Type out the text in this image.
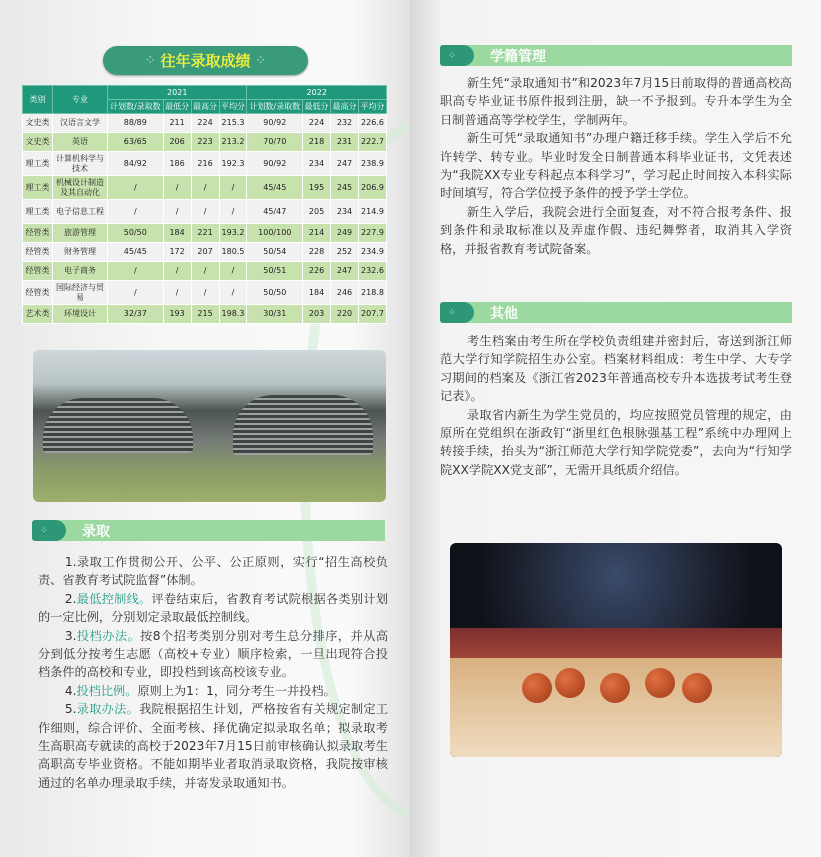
⁘ 往年录取成绩 ⁘
类别	专业	2021				2022			
		计划数/录取数	最低分	最高分	平均分	计划数/录取数	最低分	最高分	平均分
文史类	汉语言文学	88/89	211	224	215.3	90/92	224	232	226.6
文史类	英语	63/65	206	223	213.2	70/70	218	231	222.7
理工类	计算机科学与技术	84/92	186	216	192.3	90/92	234	247	238.9
理工类	机械设计制造及其自动化	/	/	/	/	45/45	195	245	206.9
理工类	电子信息工程	/	/	/	/	45/47	205	234	214.9
经管类	旅游管理	50/50	184	221	193.2	100/100	214	249	227.9
经管类	财务管理	45/45	172	207	180.5	50/54	228	252	234.9
经管类	电子商务	/	/	/	/	50/51	226	247	232.6
经管类	国际经济与贸易	/	/	/	/	50/50	184	246	218.8
艺术类	环境设计	32/37	193	215	198.3	30/31	203	220	207.7
⁘	录取

1.录取工作贯彻公开、公平、公正原则，实行“招生高校负责、省教育考试院监督”体制。

2.最低控制线。评卷结束后，省教育考试院根据各类别计划的一定比例，分别划定录取最低控制线。

3.投档办法。按8个招考类别分别对考生总分排序，并从高分到低分按考生志愿（高校+专业）顺序检索，一旦出现符合投档条件的高校和专业，即投档到该高校该专业。

4.投档比例。原则上为1：1，同分考生一并投档。

5.录取办法。我院根据招生计划，严格按省有关规定制定工作细则，综合评价、全面考核、择优确定拟录取名单；拟录取考生高职高专就读的高校于2023年7月15日前审核确认拟录取考生高职高专毕业资格。不能如期毕业者取消录取资格，我院按审核通过的名单办理录取手续，并寄发录取通知书。

⁘	学籍管理

新生凭“录取通知书”和2023年7月15日前取得的普通高校高职高专毕业证书原件报到注册，缺一不予报到。专升本学生为全日制普通高等学校学生，学制两年。

新生可凭“录取通知书”办理户籍迁移手续。学生入学后不允许转学、转专业。毕业时发全日制普通本科毕业证书，文凭表述为“我院XX专业专科起点本科学习”，学习起止时间按入本科实际时间填写，符合学位授予条件的授予学士学位。

新生入学后，我院会进行全面复查，对不符合报考条件、报到条件和录取标准以及弄虚作假、违纪舞弊者，取消其入学资格，并报省教育考试院备案。

⁘	其他

考生档案由考生所在学校负责组建并密封后，寄送到浙江师范大学行知学院招生办公室。档案材料组成：考生中学、大专学习期间的档案及《浙江省2023年普通高校专升本选拔考试考生登记表》。

录取省内新生为学生党员的，均应按照党员管理的规定，由原所在党组织在浙政钉“浙里红色根脉强基工程”系统中办理网上转接手续，抬头为“浙江师范大学行知学院党委”，去向为“行知学院XX学院XX党支部”，无需开具纸质介绍信。
